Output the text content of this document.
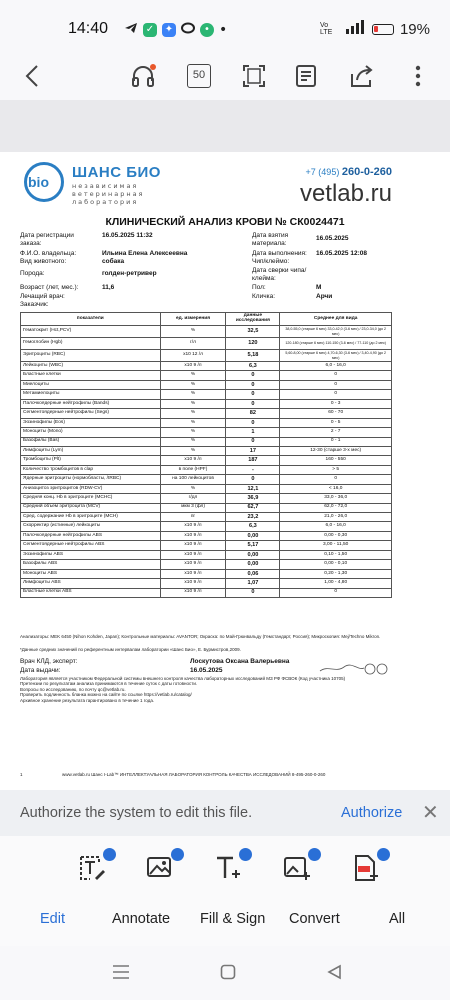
14:40	✓ ✦	• •	Vo LTE	19%
50
bio
ШАНС БИО
независимая
ветеринарная
лаборатория
+7 (495) 260-0-260
vetlab.ru
КЛИНИЧЕСКИЙ АНАЛИЗ КРОВИ № СК0024471
Дата регистрации заказа:
16.05.2025 11:32
Ф.И.О. владельца:	Ильина Елена Алексеевна
Вид животного:	собака
Порода:	голден-ретривер
Возраст (лет, мес.):	11,6
Лечащий врач:
Заказчик:
Дата взятия материала:
16.05.2025
Дата выполнения:	16.05.2025 12:08
Чип/клеймо:
Дата сверки чипа/клейма:
Пол:	М
Кличка:	Арчи
показатели	ед. измерения	данные исследования	Среднее для вида
Гематокрит (Hct,PCV)	%	32,5	38,0-55,0 (старше 6 мес) 33,0-42,0 (3-6 мес) / 23,0-34,0 (до 2 мес)
Гемоглобин (Hgb)	г/л	120	120-180 (старше 6 мес) 110-150 (3-6 мес) / 77-110 (до 2 мес)
Эритроциты (RBC)	х10 12 /л	5,18	5,60-8,00 (старше 6 мес) 4,70-6,30 (3-6 мес) / 3,40-4,90 (до 2 мес)
Лейкоциты (WBC)	х10 9 /л	6,3	6,0 - 16,0
Бластные клетки	%	0	0
Миелоциты	%	0	0
Метамиелоциты	%	0	0
Палочкоядерные нейтрофилы (Bands)	%	0	0 - 3
Сегментоядерные нейтрофилы (Segs)	%	82	60 - 70
Эозинофилы (Eos)	%	0	0 - 5
Моноциты (Mono)	%	1	2 - 7
Базофилы (Bas)	%	0	0 - 1
Лимфоциты (Lym)	%	17	12-30 (старше 3-х мес)
Тромбоциты (Plt)	х10 9 /л	187	160 - 550
Количество тромбоцитов в clap	в поле (HPF)	-	> 5
Ядерные эритроциты (нормобласты, /tRBC)	на 100 лейкоцитов	0	0
Анизоцитоз эритроцитов (RDW-CV)	%	12,1	< 16,0
Средняя конц. Hb в эритроците (MCHC)	г/дл	36,9	33,0 - 36,0
Средний объем эритроцита (MCV)	мкм 3 (фл)	62,7	62,0 - 72,0
Сред. содержание Hb в эритроците (MCH)	пг	23,2	21,0 - 26,0
Скорректир (истинные) лейкоциты	х10 9 /л	6,3	6,0 - 16,0
Палочкоядерные нейтрофилы ABS	х10 9 /л	0,00	0,00 - 0,30
Сегментоядерные нейтрофилы ABS	х10 9 /л	5,17	3,00 - 11,50
Эозинофилы ABS	х10 9 /л	0,00	0,10 - 1,50
Базофилы ABS	х10 9 /л	0,00	0,00 - 0,10
Моноциты ABS	х10 9 /л	0,06	0,20 - 1,30
Лимфоциты ABS	х10 9 /л	1,07	1,00 - 4,80
Бластные клетки ABS	х10 9 /л	0	0
Анализаторы: MEK 6450 (Nihon Kohden, Japan); Контрольные материалы: AVANTOR; Окраска: по Май-Грюнвальду (Гемстандарт, Россия); Микроскопия: Mej/Techno Mikron.
*Данные средних значений по референтным интервалам лаборатории «Шанс Био», Е. Бурмистров,2009.
Врач КЛД, эксперт:	Лоскутова Оксана Валерьевна
Дата выдачи:	16.05.2025
Лаборатория является участником Федеральной системы внешнего контроля качества лабораторных исследований МЗ РФ ФСВОК (Код участника 10705)
Претензии по результатам анализа принимаются в течение суток с даты готовности.
Вопросы по исследованию, по почту qc@vetlab.ru.
Проверить подлинность бланка можно на сайте по ссылке https://vetlab.ru/catalog/
Архивное хранение результата гарантировано в течение 1 года.
1	www.vetlab.ru Шанс I-Lab™ ИНТЕЛЛЕКТУАЛЬНАЯ ЛАБОРАТОРИЯ КОНТРОЛЬ КАЧЕСТВА ИССЛЕДОВАНИЙ 8-495-260-0-260
Authorize the system to edit this file.	Authorize ✕
Edit	Annotate Fill & Sign Convert	All
